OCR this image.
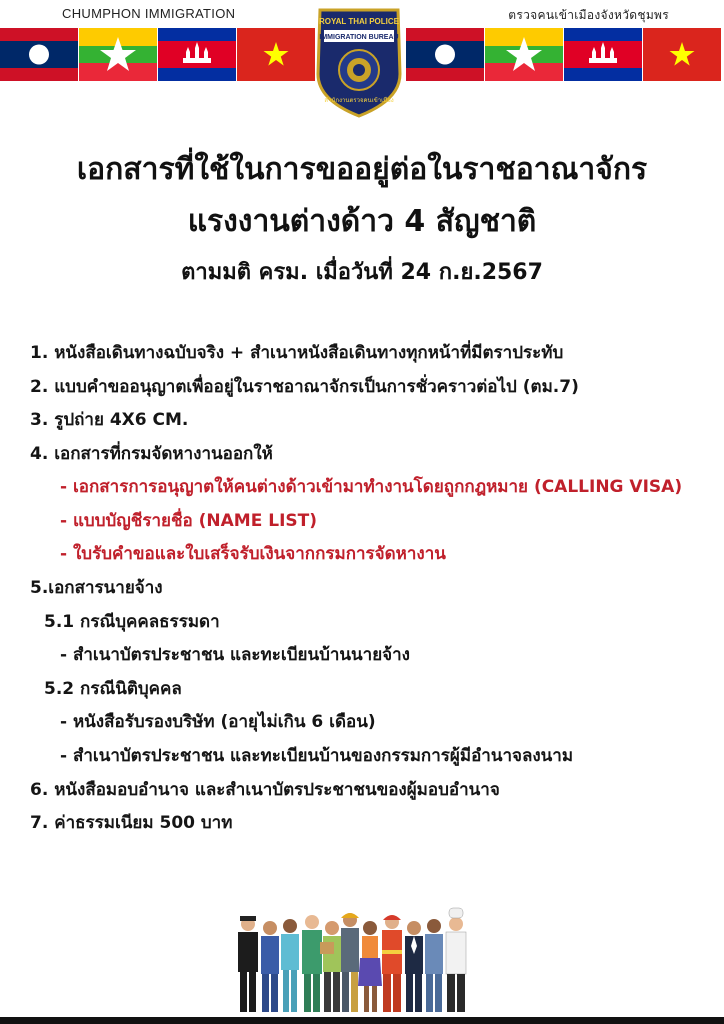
CHUMPHON IMMIGRATION	ตรวจคนเข้าเมืองจังหวัดชุมพร
ROYAL THAI POLICE
IMMIGRATION BUREAU
สำนักงานตรวจคนเข้าเมือง
เอกสารที่ใช้ในการขออยู่ต่อในราชอาณาจักร
แรงงานต่างด้าว 4 สัญชาติ
ตามมติ ครม. เมื่อวันที่ 24 ก.ย.2567
1. หนังสือเดินทางฉบับจริง + สำเนาหนังสือเดินทางทุกหน้าที่มีตราประทับ
2. แบบคำขออนุญาตเพื่ออยู่ในราชอาณาจักรเป็นการชั่วคราวต่อไป (ตม.7)
3. รูปถ่าย 4X6 CM.
4. เอกสารที่กรมจัดหางานออกให้
- เอกสารการอนุญาตให้คนต่างด้าวเข้ามาทำงานโดยถูกกฎหมาย (CALLING VISA)
- แบบบัญชีรายชื่อ (NAME LIST)
- ใบรับคำขอและใบเสร็จรับเงินจากกรมการจัดหางาน
5.เอกสารนายจ้าง
5.1 กรณีบุคคลธรรมดา
- สำเนาบัตรประชาชน และทะเบียนบ้านนายจ้าง
5.2 กรณีนิติบุคคล
- หนังสือรับรองบริษัท (อายุไม่เกิน 6 เดือน)
- สำเนาบัตรประชาชน และทะเบียนบ้านของกรรมการผู้มีอำนาจลงนาม
6. หนังสือมอบอำนาจ และสำเนาบัตรประชาชนของผู้มอบอำนาจ
7. ค่าธรรมเนียม 500 บาท
